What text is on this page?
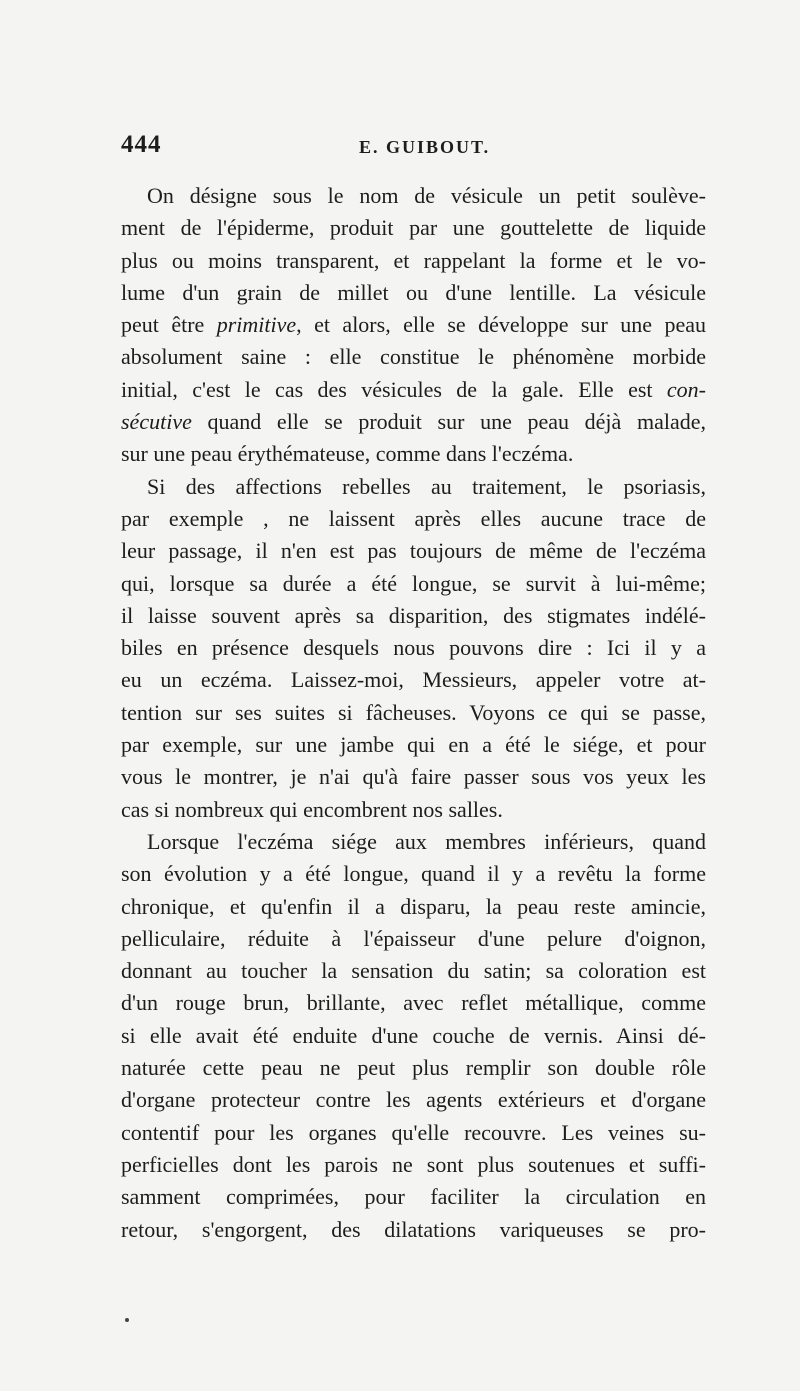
444	E. GUIBOUT.
On désigne sous le nom de vésicule un petit soulève-
ment de l'épiderme, produit par une gouttelette de liquide
plus ou moins transparent, et rappelant la forme et le vo-
lume d'un grain de millet ou d'une lentille. La vésicule
peut être primitive, et alors, elle se développe sur une peau
absolument saine : elle constitue le phénomène morbide
initial, c'est le cas des vésicules de la gale. Elle est con-
sécutive quand elle se produit sur une peau déjà malade,
sur une peau érythémateuse, comme dans l'eczéma.
Si des affections rebelles au traitement, le psoriasis,
par exemple , ne laissent après elles aucune trace de
leur passage, il n'en est pas toujours de même de l'eczéma
qui, lorsque sa durée a été longue, se survit à lui-même;
il laisse souvent après sa disparition, des stigmates indélé-
biles en présence desquels nous pouvons dire : Ici il y a
eu un eczéma. Laissez-moi, Messieurs, appeler votre at-
tention sur ses suites si fâcheuses. Voyons ce qui se passe,
par exemple, sur une jambe qui en a été le siége, et pour
vous le montrer, je n'ai qu'à faire passer sous vos yeux les
cas si nombreux qui encombrent nos salles.
Lorsque l'eczéma siége aux membres inférieurs, quand
son évolution y a été longue, quand il y a revêtu la forme
chronique, et qu'enfin il a disparu, la peau reste amincie,
pelliculaire, réduite à l'épaisseur d'une pelure d'oignon,
donnant au toucher la sensation du satin; sa coloration est
d'un rouge brun, brillante, avec reflet métallique, comme
si elle avait été enduite d'une couche de vernis. Ainsi dé-
naturée cette peau ne peut plus remplir son double rôle
d'organe protecteur contre les agents extérieurs et d'organe
contentif pour les organes qu'elle recouvre. Les veines su-
perficielles dont les parois ne sont plus soutenues et suffi-
samment comprimées, pour faciliter la circulation en
retour, s'engorgent, des dilatations variqueuses se pro-
